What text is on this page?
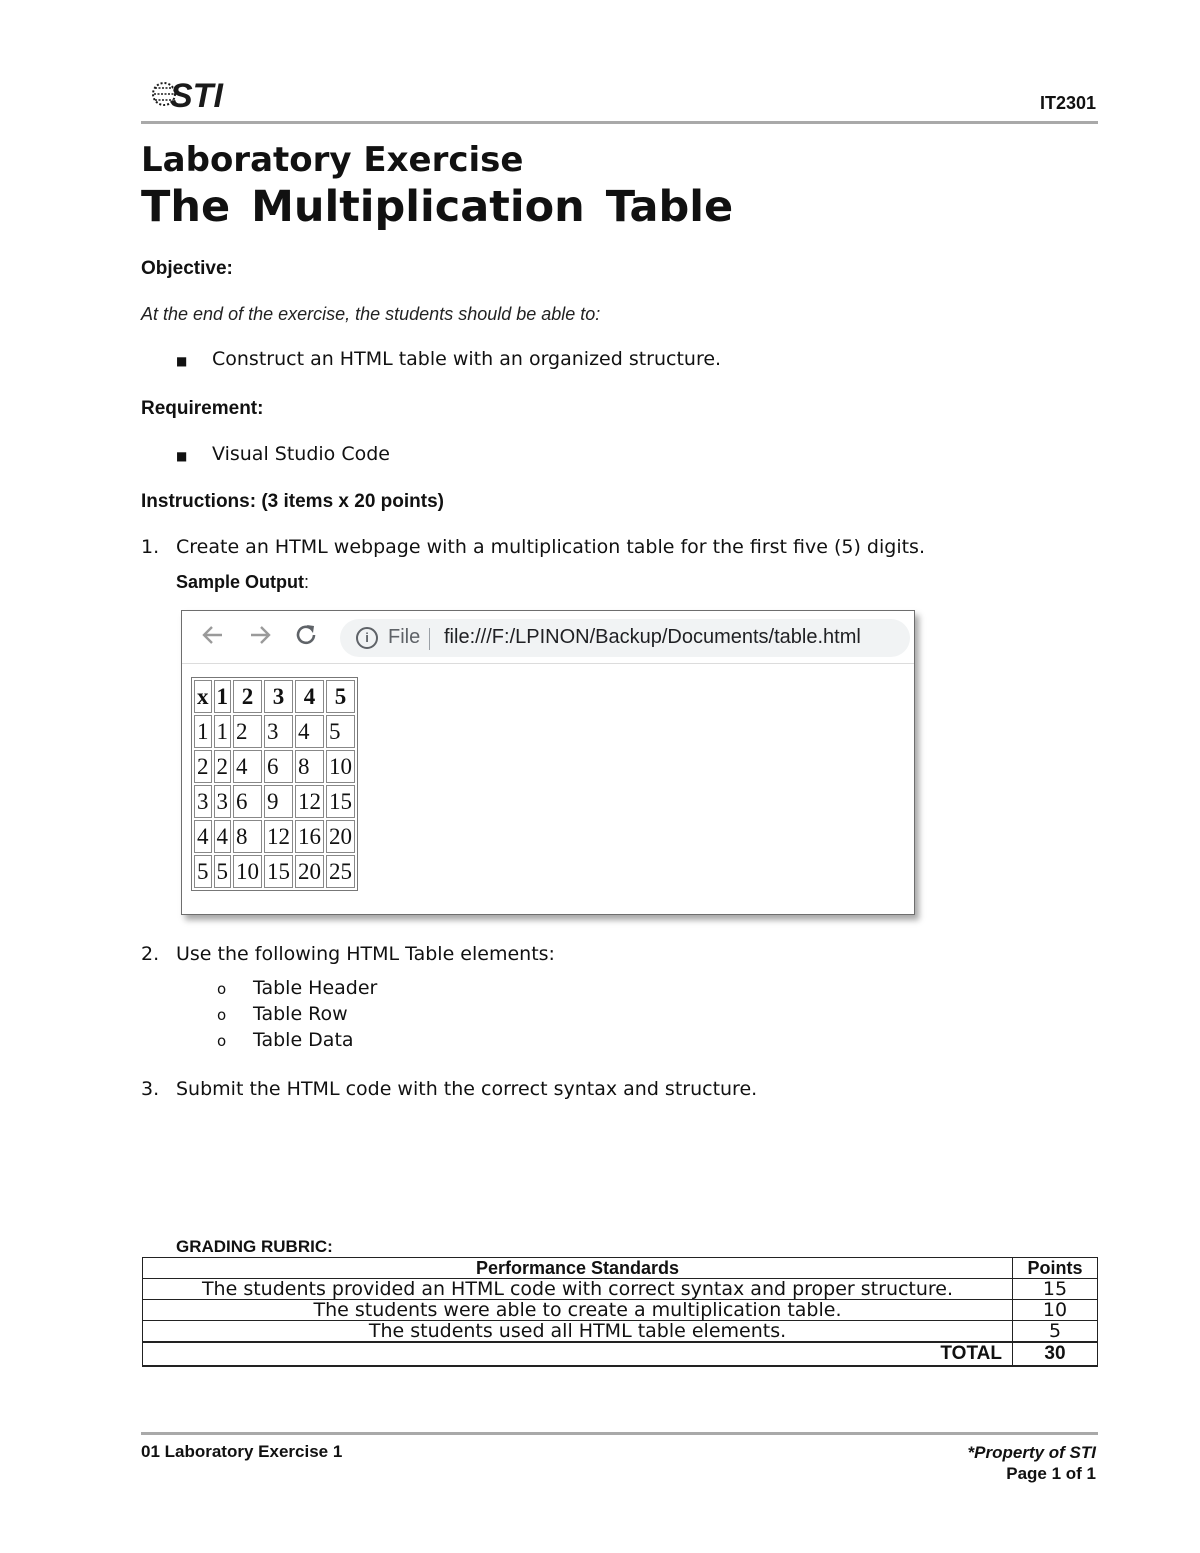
STI	IT2301
Laboratory Exercise
The Multiplication Table
Objective:
At the end of the exercise, the students should be able to:
■	Construct an HTML table with an organized structure.
Requirement:
■	Visual Studio Code
Instructions: (3 items x 20 points)
1. Create an HTML webpage with a multiplication table for the first five (5) digits.
Sample Output:
i File file:///F:/LPINON/Backup/Documents/table.html
x	1	2	3	4	5
1	1	2	3	4	5
2	2	4	6	8	10
3	3	6	9	12	15
4	4	8	12	16	20
5	5	10	15	20	25
2. Use the following HTML Table elements:
o	Table Header
o	Table Row
o	Table Data
3. Submit the HTML code with the correct syntax and structure.
GRADING RUBRIC:
Performance Standards	Points
The students provided an HTML code with correct syntax and proper structure.	15
The students were able to create a multiplication table.	10
The students used all HTML table elements.	5
TOTAL	30
01 Laboratory Exercise 1	*Property of STI
Page 1 of 1
